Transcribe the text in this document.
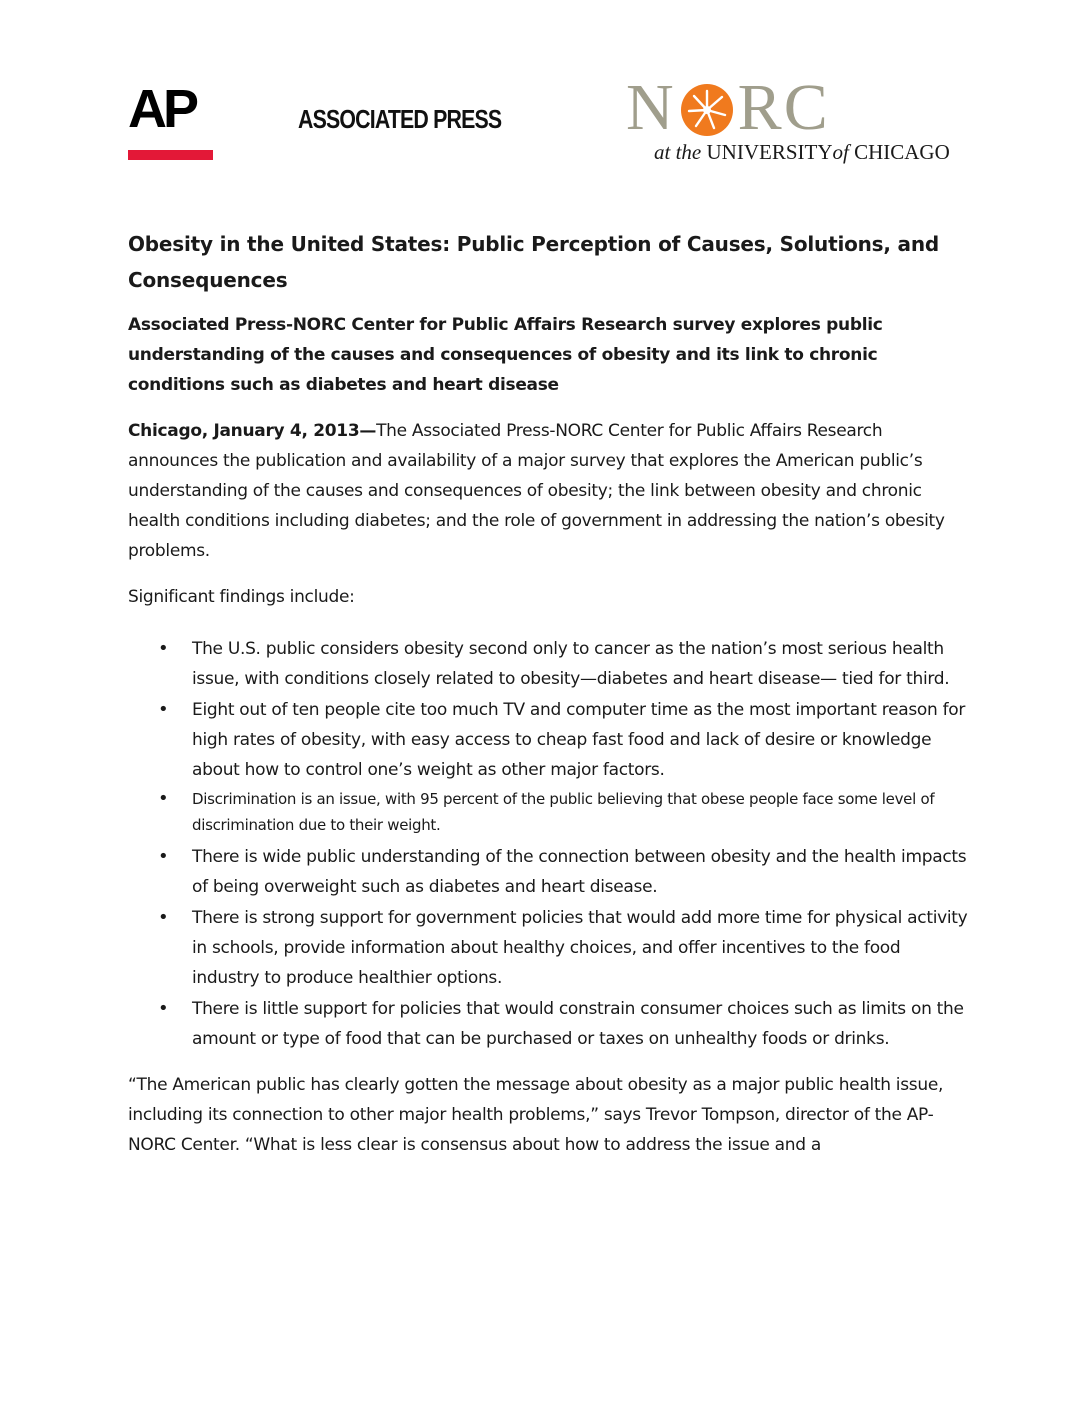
AP	ASSOCIATED PRESS N RC
at the UNIVERSITYof CHICAGO
Obesity in the United States: Public Perception of Causes, Solutions, and Consequences
Associated Press-NORC Center for Public Affairs Research survey explores public understanding of the causes and consequences of obesity and its link to chronic conditions such as diabetes and heart disease

Chicago, January 4, 2013—The Associated Press-NORC Center for Public Affairs Research announces the publication and availability of a major survey that explores the American public’s understanding of the causes and consequences of obesity; the link between obesity and chronic health conditions including diabetes; and the role of government in addressing the nation’s obesity problems.

Significant findings include:

• The U.S. public considers obesity second only to cancer as the nation’s most serious health issue, with conditions closely related to obesity—diabetes and heart disease— tied for third.
• Eight out of ten people cite too much TV and computer time as the most important reason for high rates of obesity, with easy access to cheap fast food and lack of desire or knowledge about how to control one’s weight as other major factors.
• Discrimination is an issue, with 95 percent of the public believing that obese people face some level of discrimination due to their weight.
• There is wide public understanding of the connection between obesity and the health impacts of being overweight such as diabetes and heart disease.
• There is strong support for government policies that would add more time for physical activity in schools, provide information about healthy choices, and offer incentives to the food industry to produce healthier options.
• There is little support for policies that would constrain consumer choices such as limits on the amount or type of food that can be purchased or taxes on unhealthy foods or drinks.

“The American public has clearly gotten the message about obesity as a major public health issue, including its connection to other major health problems,” says Trevor Tompson, director of the AP-NORC Center. “What is less clear is consensus about how to address the issue and a
